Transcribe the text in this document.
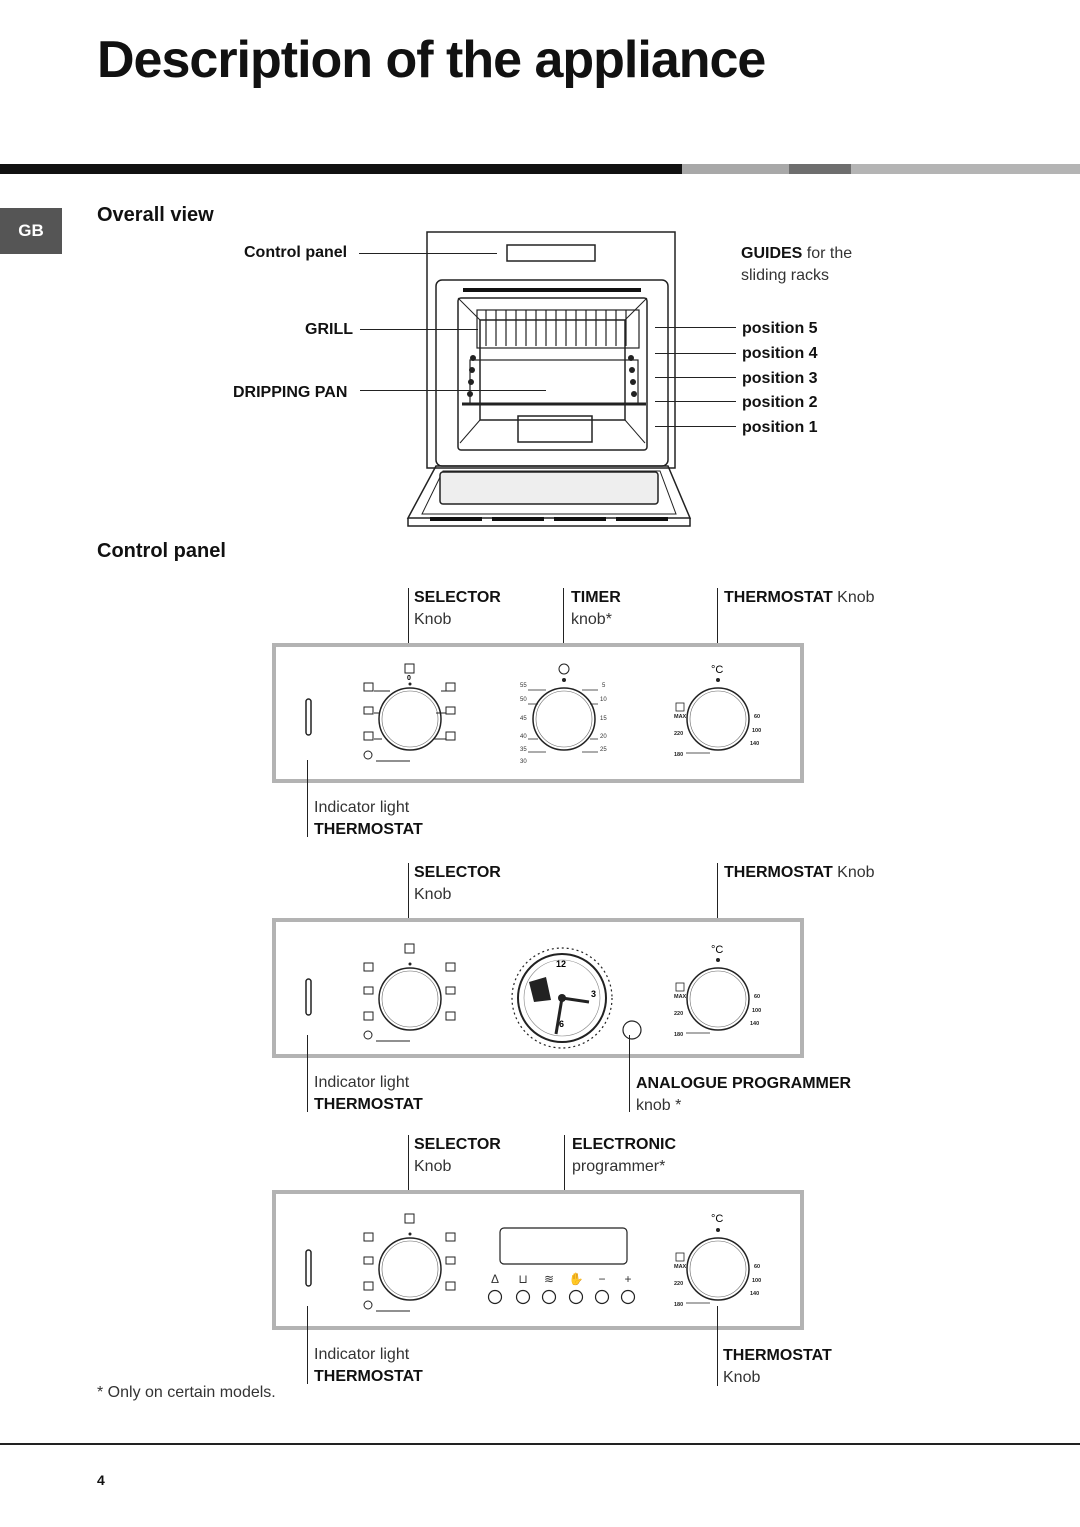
Description of the appliance
GB
Overall view
Control panel
GRILL
DRIPPING PAN
GUIDES for the
sliding racks
position 5
position 4
position 3
position 2
position 1
Control panel
SELECTOR
Knob
TIMER
knob*
THERMOSTAT Knob
0
55
50
45
40
35
30
5
10
15
20
25
°C
MAX
220
180
60
100
140
Indicator light
THERMOSTAT
SELECTOR
Knob
THERMOSTAT Knob
12
3
6
°C
MAX
220
180
60
100
140
Indicator light
THERMOSTAT
ANALOGUE PROGRAMMER
knob *
SELECTOR
Knob
ELECTRONIC
programmer*
Δ ⊔ ≋ ✋ − +
°C
MAX
220
180
60
100
140
Indicator light
THERMOSTAT
THERMOSTAT
Knob
* Only on certain models.
4
